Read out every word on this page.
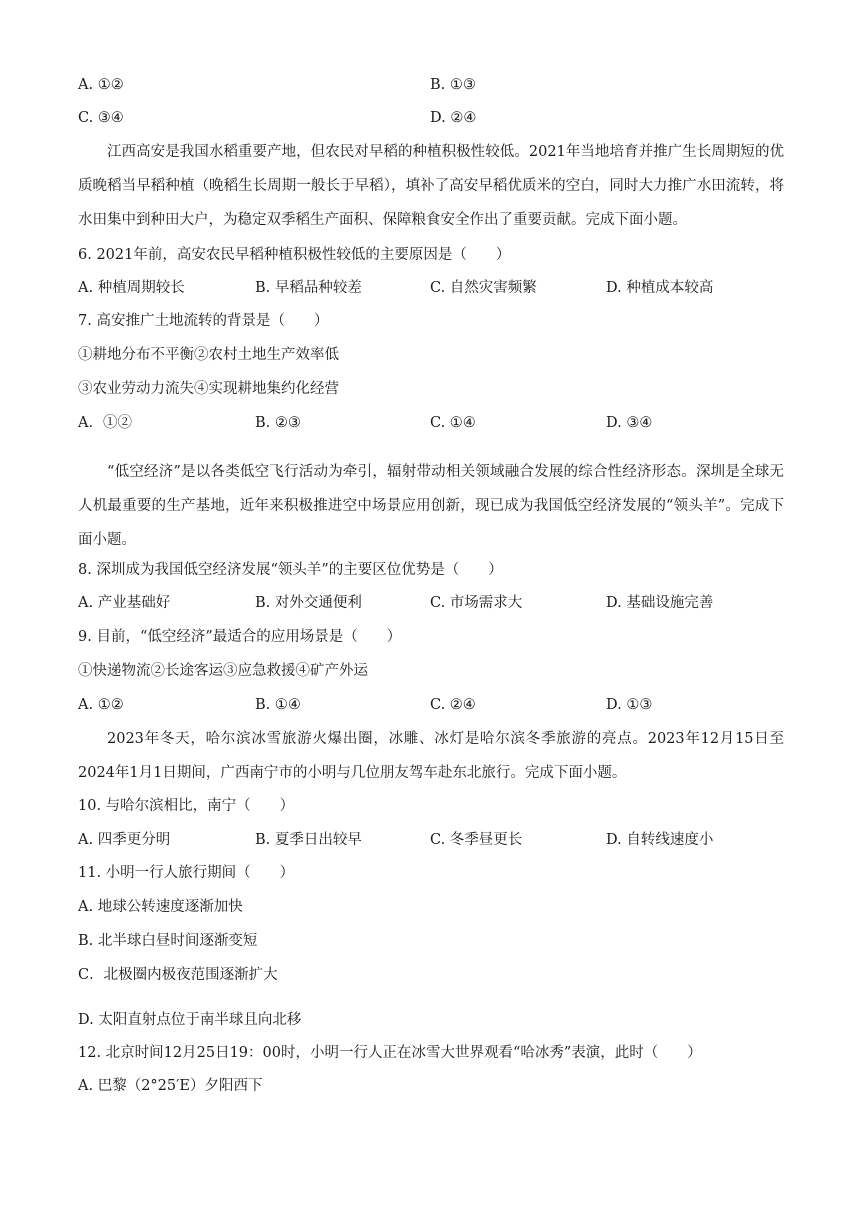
A. ①②	B. ①③
C. ③④	D. ②④
江西高安是我国水稻重要产地，但农民对早稻的种植积极性较低。2021年当地培育并推广生长周期短的优质晚稻当早稻种植（晚稻生长周期一般长于早稻），填补了高安早稻优质米的空白，同时大力推广水田流转，将水田集中到种田大户，为稳定双季稻生产面积、保障粮食安全作出了重要贡献。完成下面小题。
6. 2021年前，高安农民早稻种植积极性较低的主要原因是（　　）
A. 种植周期较长	B. 早稻品种较差	C. 自然灾害频繁	D. 种植成本较高
7. 高安推广土地流转的背景是（　　）
①耕地分布不平衡②农村土地生产效率低
③农业劳动力流失④实现耕地集约化经营
A．①②	B. ②③	C. ①④	D. ③④
“低空经济”是以各类低空飞行活动为牵引，辐射带动相关领域融合发展的综合性经济形态。深圳是全球无人机最重要的生产基地，近年来积极推进空中场景应用创新，现已成为我国低空经济发展的“领头羊”。完成下面小题。
8. 深圳成为我国低空经济发展“领头羊”的主要区位优势是（　　）
A. 产业基础好	B. 对外交通便利	C. 市场需求大	D. 基础设施完善
9. 目前，“低空经济”最适合的应用场景是（　　）
①快递物流②长途客运③应急救援④矿产外运
A. ①②	B. ①④	C. ②④	D. ①③
2023年冬天，哈尔滨冰雪旅游火爆出圈，冰雕、冰灯是哈尔滨冬季旅游的亮点。2023年12月15日至2024年1月1日期间，广西南宁市的小明与几位朋友驾车赴东北旅行。完成下面小题。
10. 与哈尔滨相比，南宁（　　）
A. 四季更分明	B. 夏季日出较早	C. 冬季昼更长	D. 自转线速度小
11. 小明一行人旅行期间（　　）
A. 地球公转速度逐渐加快
B. 北半球白昼时间逐渐变短
C．北极圈内极夜范围逐渐扩大
D. 太阳直射点位于南半球且向北移
12. 北京时间12月25日19：00时，小明一行人正在冰雪大世界观看“哈冰秀”表演，此时（　　）
A. 巴黎（2°25′E）夕阳西下
